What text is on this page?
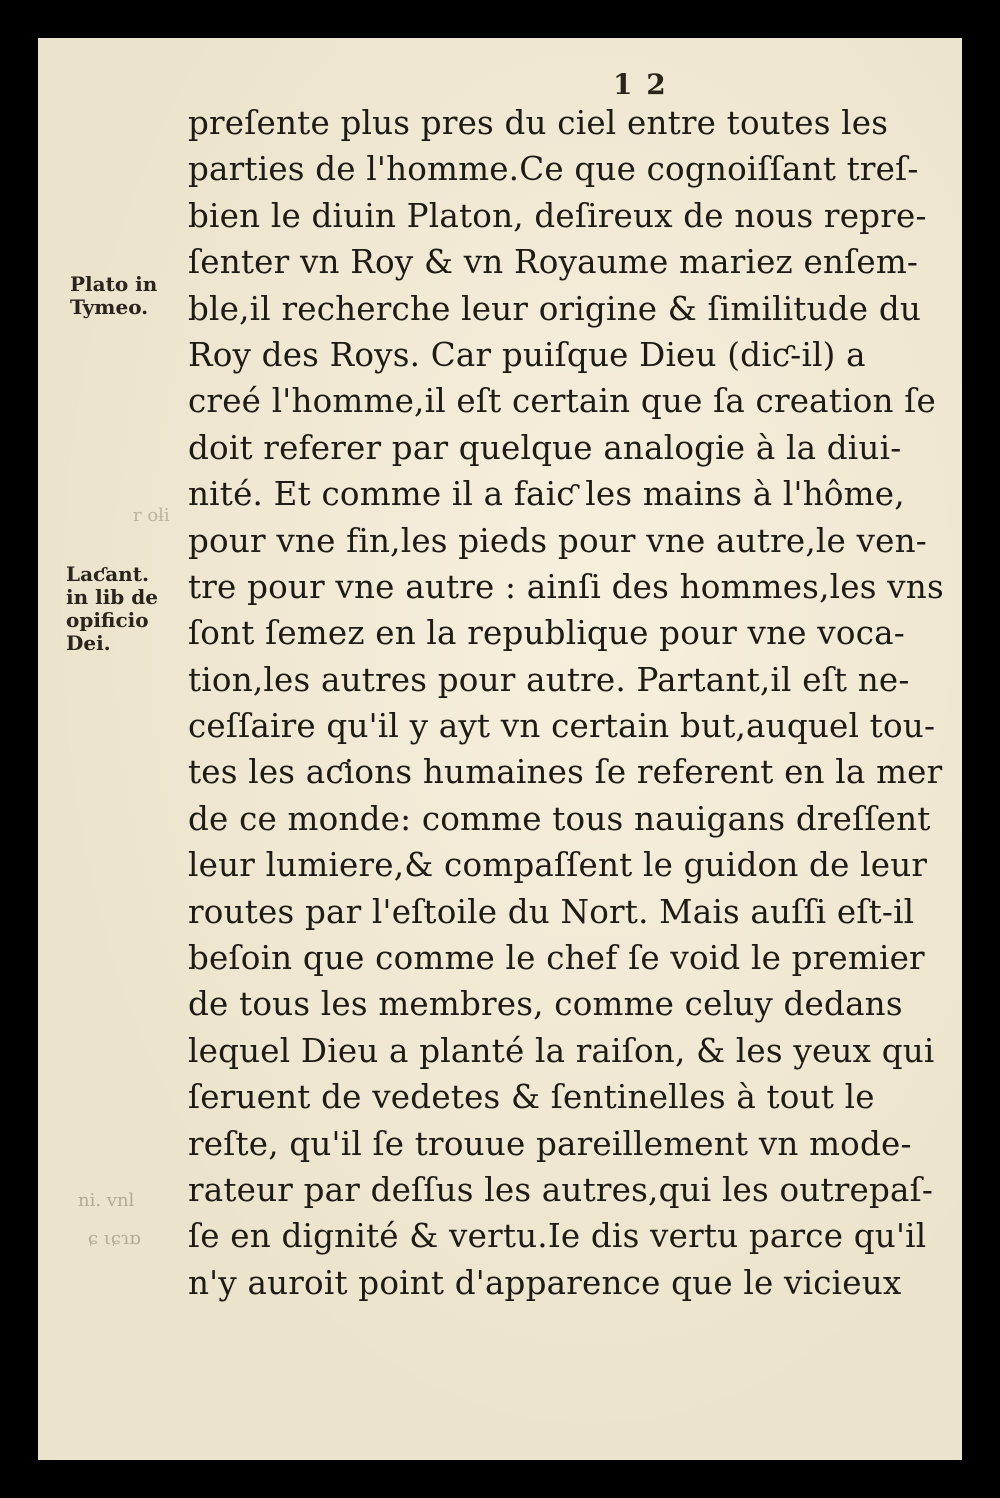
1 2
Plato in
Tymeo.
Laƈant.
in lib de
opificio
Dei.
ni. vnl
ɕ ιɕɿɒ
r oƚi
preſente plus pres du ciel entre toutes les
parties de l'homme.Ce que cognoiſſant treſ-
bien le diuin Platon, deſireux de nous repre-
ſenter vn Roy & vn Royaume mariez enſem-
ble,il recherche leur origine & ſimilitude du
Roy des Roys. Car puiſque Dieu (diƈ-il) a
creé l'homme,il eſt certain que ſa creation ſe
doit referer par quelque analogie à la diui-
nité. Et comme il a faiƈ les mains à l'hôme,
pour vne fin,les pieds pour vne autre,le ven-
tre pour vne autre : ainſi des hommes,les vns
ſont ſemez en la republique pour vne voca-
tion,les autres pour autre. Partant,il eſt ne-
ceſſaire qu'il y ayt vn certain but,auquel tou-
tes les aƈions humaines ſe referent en la mer
de ce monde: comme tous nauigans dreſſent
leur lumiere,& compaſſent le guidon de leur
routes par l'eſtoile du Nort. Mais auſſi eſt-il
beſoin que comme le chef ſe void le premier
de tous les membres, comme celuy dedans
lequel Dieu a planté la raiſon, & les yeux qui
ſeruent de vedetes & ſentinelles à tout le
reſte, qu'il ſe trouue pareillement vn mode-
rateur par deſſus les autres,qui les outrepaſ-
ſe en dignité & vertu.Ie dis vertu parce qu'il
n'y auroit point d'apparence que le vicieux
